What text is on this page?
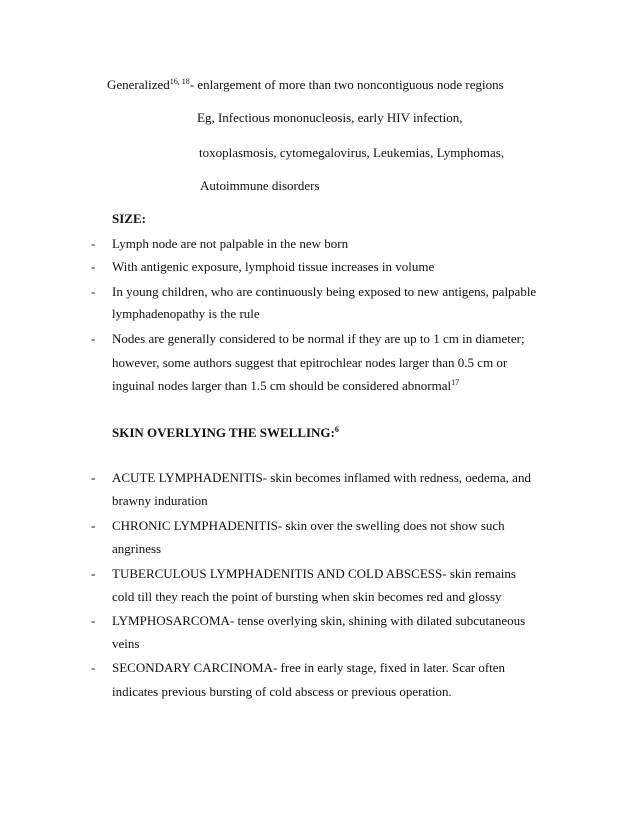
Generalized$^{16, 18}$- enlargement of more than two noncontiguous node regions
Eg, Infectious mononucleosis, early HIV infection,
toxoplasmosis, cytomegalovirus, Leukemias, Lymphomas,
Autoimmune disorders
SIZE:
- Lymph node are not palpable in the new born
- With antigenic exposure, lymphoid tissue increases in volume
- In young children, who are continuously being exposed to new antigens, palpable
lymphadenopathy is the rule
- Nodes are generally considered to be normal if they are up to 1 cm in diameter;
however, some authors suggest that epitrochlear nodes larger than 0.5 cm or
inguinal nodes larger than 1.5 cm should be considered abnormal$^{17}$
SKIN OVERLYING THE SWELLING:$^6$
- ACUTE LYMPHADENITIS- skin becomes inflamed with redness, oedema, and
brawny induration
- CHRONIC LYMPHADENITIS- skin over the swelling does not show such
angriness
- TUBERCULOUS LYMPHADENITIS AND COLD ABSCESS- skin remains
cold till they reach the point of bursting when skin becomes red and glossy
- LYMPHOSARCOMA- tense overlying skin, shining with dilated subcutaneous
veins
- SECONDARY CARCINOMA- free in early stage, fixed in later. Scar often
indicates previous bursting of cold abscess or previous operation.
